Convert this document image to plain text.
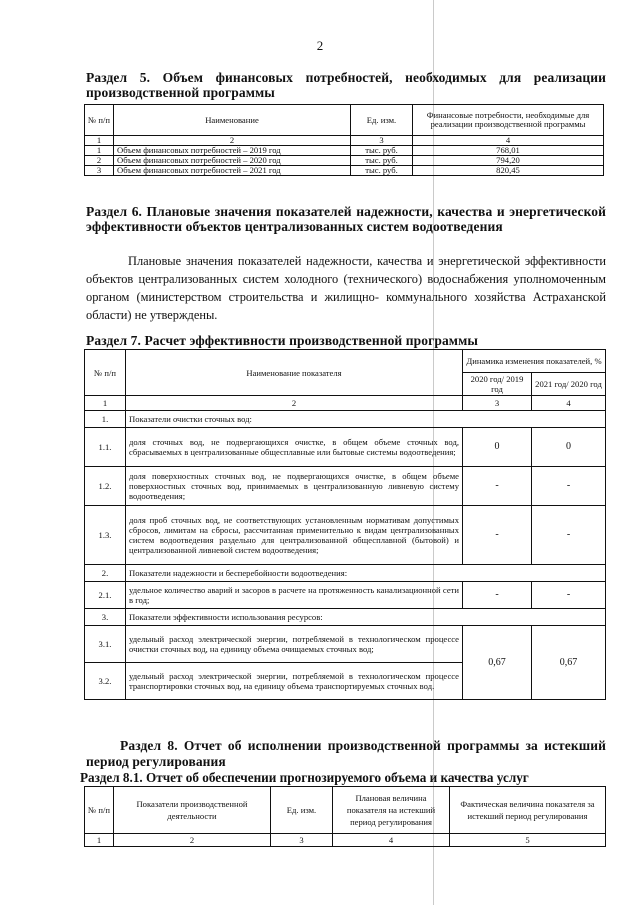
2
Раздел 5. Объем финансовых потребностей, необходимых для реализации производственной программы
№ п/п	Наименование	Ед. изм.	Финансовые потребности, необходимые для реализации производственной программы
1	2	3	4
1	Объем финансовых потребностей – 2019 год	тыс. руб.	768,01
2	Объем финансовых потребностей – 2020 год	тыс. руб.	794,20
3	Объем финансовых потребностей – 2021 год	тыс. руб.	820,45
Раздел 6. Плановые значения показателей надежности, качества и энергетической эффективности объектов централизованных систем водоотведения
Плановые значения показателей надежности, качества и энергетической эффективности объектов централизованных систем холодного (технического) водоснабжения уполномоченным органом (министерством строительства и жилищно- коммунального хозяйства Астраханской области) не утверждены.
Раздел 7. Расчет эффективности производственной программы
№ п/п	Наименование показателя	Динамика изменения показателей, %	
		2020 год/ 2019 год	2021 год/ 2020 год
1	2	3	4
1.	Показатели очистки сточных вод:		
1.1.	доля сточных вод, не подвергающихся очистке, в общем объеме сточных вод, сбрасываемых в централизованные общесплавные или бытовые системы водоотведения;	0	0
1.2.	доля поверхностных сточных вод, не подвергающихся очистке, в общем объеме поверхностных сточных вод, принимаемых в централизованную ливневую систему водоотведения;	-	-
1.3.	доля проб сточных вод, не соответствующих установленным нормативам допустимых сбросов, лимитам на сбросы, рассчитанная применительно к видам централизованных систем водоотведения раздельно для централизованной общесплавной (бытовой) и централизованной ливневой систем водоотведения;	-	-
2.	Показатели надежности и бесперебойности водоотведения:		
2.1.	удельное количество аварий и засоров в расчете на протяженность канализационной сети в год;	-	-
3.	Показатели эффективности использования ресурсов:		
3.1.	удельный расход электрической энергии, потребляемой в технологическом процессе очистки сточных вод, на единицу объема очищаемых сточных вод;	0,67	0,67
3.2.	удельный расход электрической энергии, потребляемой в технологическом процессе транспортировки сточных вод, на единицу объема транспортируемых сточных вод.		
Раздел 8. Отчет об исполнении производственной программы за истекший период регулирования
Раздел 8.1. Отчет об обеспечении прогнозируемого объема и качества услуг
№ п/п	Показатели производственной деятельности	Ед. изм.	Плановая величина показателя на истекший период регулирования	Фактическая величина показателя за истекший период регулирования
1	2	3	4	5
